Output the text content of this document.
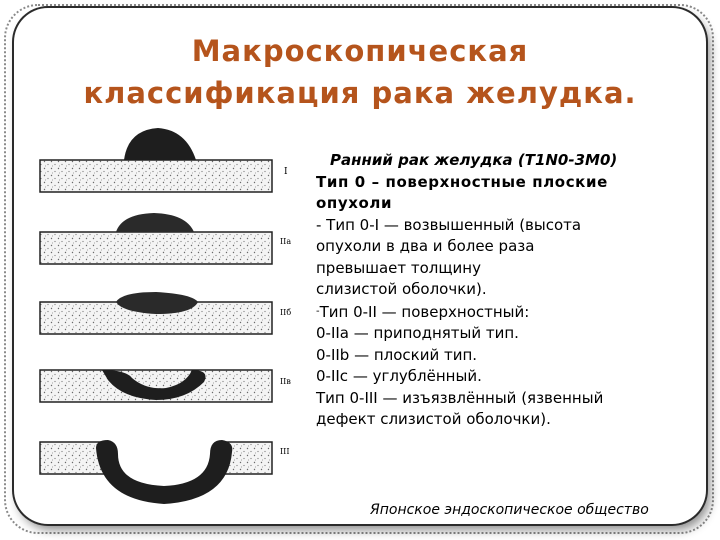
Макроскопическая
классификация рака желудка.
I
IIa
IIб
IIв
III
Ранний рак желудка (T1N0-3M0)
Тип 0 – поверхностные плоские
опухоли
- Тип 0-I — возвышенный (высота
опухоли в два и более раза
превышает толщину
слизистой оболочки).
-Тип 0-II — поверхностный:
0-IIa — приподнятый тип.
0-IIb — плоский тип.
0-IIc — углублённый.
Тип 0-III — изъязвлённый (язвенный
дефект слизистой оболочки).
Японское эндоскопическое общество
